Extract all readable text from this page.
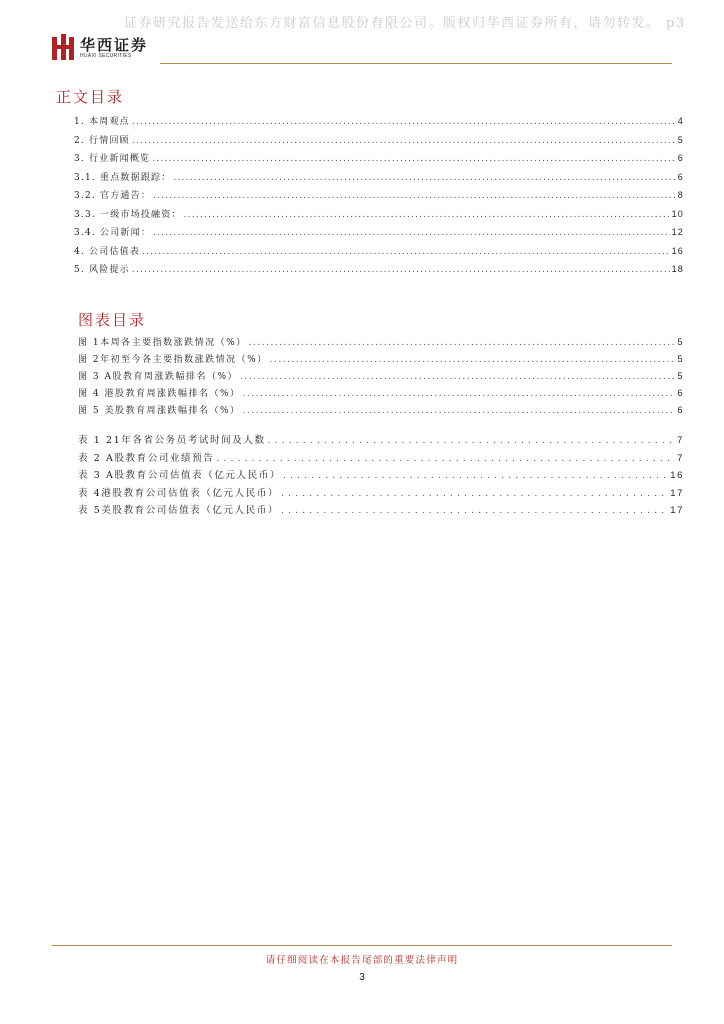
证券研究报告发送给东方财富信息股份有限公司。版权归华西证券所有，请勿转发。 p3
华西证券
HUAXI SECURITIES
正文目录
1. 本周观点 .....	4
2. 行情回顾 .....	5
3. 行业新闻概览 .....	6
3.1. 重点数据跟踪： .....	6
3.2. 官方通告： .....	8
3.3. 一级市场投融资： .....	10
3.4. 公司新闻： .....	12
4. 公司估值表 .....	16
5. 风险提示 .....	18
图表目录
图 1本周各主要指数涨跌情况（%） .....	5
图 2年初至今各主要指数涨跌情况（%） .....	5
图 3 A股教育周涨跌幅排名（%） .....	5
图 4 港股教育周涨跌幅排名（%） .....	6
图 5 美股教育周涨跌幅排名（%） .....	6
表 1 21年各省公务员考试时间及人数 . . .	7
表 2 A股教育公司业绩预告 . . .	7
表 3 A股教育公司估值表（亿元人民币） . . .	16
表 4港股教育公司估值表（亿元人民币） . . .	17
表 5美股教育公司估值表（亿元人民币） . . .	17
请仔细阅读在本报告尾部的重要法律声明
3
